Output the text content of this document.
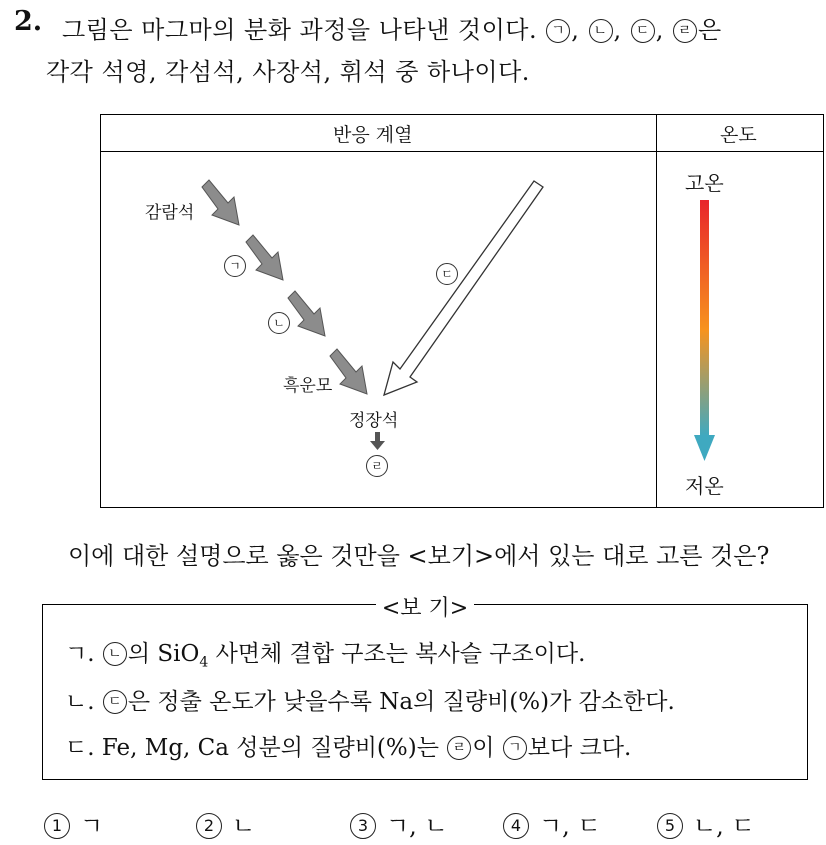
2. 그림은 마그마의 분화 과정을 나타낸 것이다. ㄱ , ㄴ , ㄷ , ㄹ 은
각각 석영, 각섬석, 사장석, 휘석 중 하나이다.
반응 계열	온도
감람석
ㄱ
ㄴ
흑운모
ㄷ
정장석
ㄹ
고온
저온
이에 대한 설명으로 옳은 것만을 <보기>에서 있는 대로 고른 것은?
<보 기>
ㄱ. ㄴ 의 SiO$_4$ 사면체 결합 구조는 복사슬 구조이다.
ㄴ. ㄷ 은 정출 온도가 낮을수록 Na의 질량비(%)가 감소한다.
ㄷ. Fe, Mg, Ca 성분의 질량비(%)는 ㄹ 이 ㄱ 보다 크다.
1 ㄱ	2 ㄴ	3 ㄱ, ㄴ	4 ㄱ, ㄷ	5 ㄴ, ㄷ
